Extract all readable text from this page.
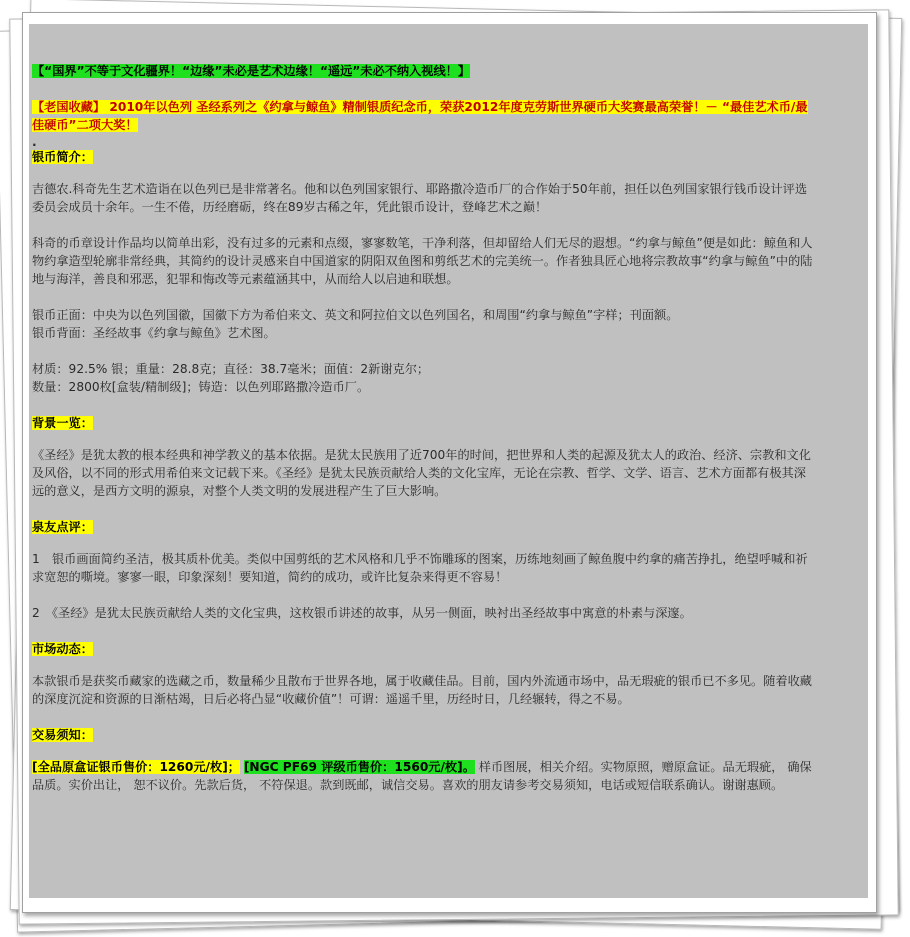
【“国界”不等于文化疆界！“边缘”未必是艺术边缘！“遥远”未必不纳入视线！】

【老国收藏】 2010年以色列 圣经系列之《约拿与鲸鱼》精制银质纪念币，荣获2012年度克劳斯世界硬币大奖赛最高荣誉！－ “最佳艺术币/最佳硬币”二项大奖！

.

银币简介：

吉德农.科奇先生艺术造诣在以色列已是非常著名。他和以色列国家银行、耶路撒冷造币厂的合作始于50年前，担任以色列国家银行钱币设计评选委员会成员十余年。一生不倦，历经磨砺，终在89岁古稀之年，凭此银币设计，登峰艺术之巅！

科奇的币章设计作品均以简单出彩，没有过多的元素和点缀，寥寥数笔，干净利落，但却留给人们无尽的遐想。“约拿与鲸鱼”便是如此：鲸鱼和人物约拿造型轮廓非常经典，其简约的设计灵感来自中国道家的阴阳双鱼图和剪纸艺术的完美统一。作者独具匠心地将宗教故事“约拿与鲸鱼”中的陆地与海洋，善良和邪恶，犯罪和悔改等元素蕴涵其中，从而给人以启迪和联想。

银币正面：中央为以色列国徽，国徽下方为希伯来文、英文和阿拉伯文以色列国名，和周围“约拿与鲸鱼”字样；刊面额。

银币背面：圣经故事《约拿与鲸鱼》艺术图。

材质：92.5% 银；重量：28.8克；直径：38.7毫米；面值：2新谢克尔；

数量：2800枚[盒装/精制级]；铸造：以色列耶路撒冷造币厂。

背景一览：

《圣经》是犹太教的根本经典和神学教义的基本依据。是犹太民族用了近700年的时间，把世界和人类的起源及犹太人的政治、经济、宗教和文化及风俗，以不同的形式用希伯来文记载下来。《圣经》是犹太民族贡献给人类的文化宝库，无论在宗教、哲学、文学、语言、艺术方面都有极其深远的意义，是西方文明的源泉，对整个人类文明的发展进程产生了巨大影响。

泉友点评：

1　银币画面简约圣洁，极其质朴优美。类似中国剪纸的艺术风格和几乎不饰雕琢的图案，历练地刻画了鲸鱼腹中约拿的痛苦挣扎，绝望呼喊和祈求宽恕的嘶境。寥寥一眼，印象深刻！要知道，简约的成功，或许比复杂来得更不容易！

2　《圣经》是犹太民族贡献给人类的文化宝典，这枚银币讲述的故事，从另一侧面，映衬出圣经故事中寓意的朴素与深邃。

市场动态：

本款银币是获奖币藏家的选藏之币，数量稀少且散布于世界各地，属于收藏佳品。目前，国内外流通市场中，品无瑕疵的银币已不多见。随着收藏的深度沉淀和资源的日渐枯竭，日后必将凸显“收藏价值”！可谓：遥遥千里，历经时日，几经辗转，得之不易。

交易须知：

[全品原盒证银币售价：1260元/枚]； [NGC PF69 评级币售价：1560元/枚]。 样币图展，相关介绍。实物原照，赠原盒证。品无瑕疵， 确保品质。实价出让， 恕不议价。先款后货， 不符保退。款到既邮，诚信交易。喜欢的朋友请参考交易须知，电话或短信联系确认。谢谢惠顾。
